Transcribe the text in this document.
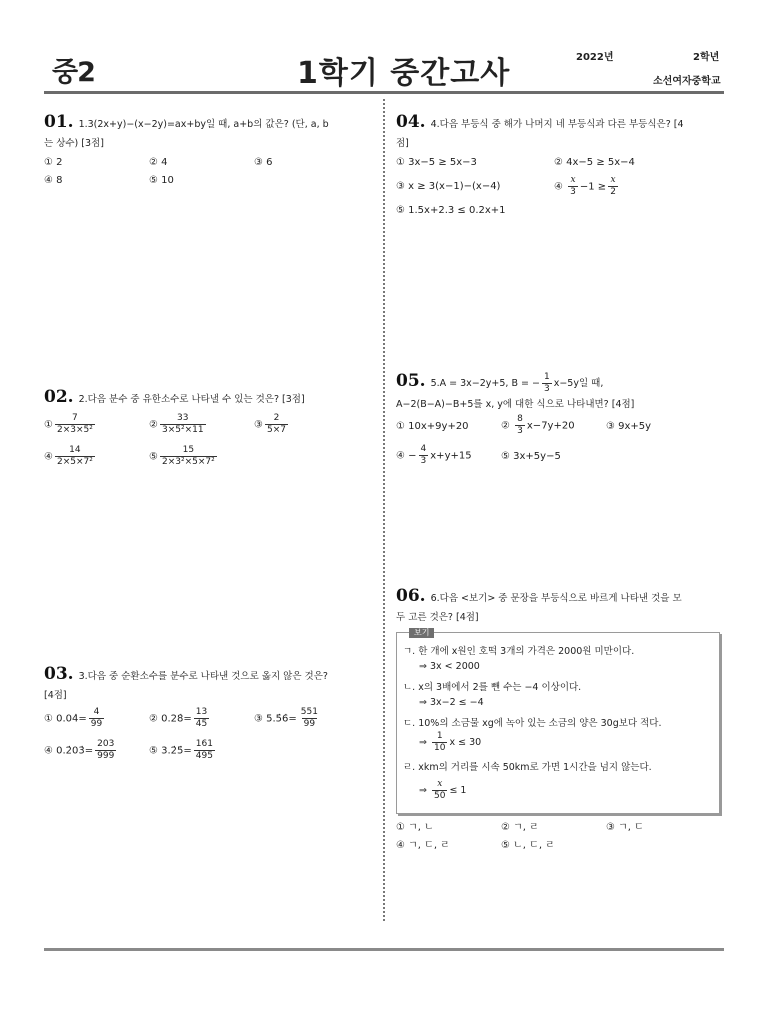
중2	1학기 중간고사	2022년	2학년
소선여자중학교
01. 1.3(2x+y)−(x−2y)=ax+by일 때, a+b의 값은? (단, a, b
는 상수) [3점]
① 2	② 4	③ 6
④ 8	⑤ 10
02. 2.다음 분수 중 유한소수로 나타낼 수 있는 것은? [3점]
① $\frac{7}{\text{2×3×5²}}$	② $\frac{33}{\text{3×5²×11}}$	③ $\frac{2}{5\times 7}$
④ $\frac{14}{\text{2×5×7²}}$	⑤ $\frac{15}{\text{2×3²×5×7²}}$
03. 3.다음 중 순환소수를 분수로 나타낸 것으로 옳지 않은 것은?
[4점]
① 0.04̇= $\frac{4}{99}$	② 0.28̇= $\frac{13}{45}$	③ 5.5̇6̇= $\frac{551}{99}$
④ 0.2̇03̇= $\frac{203}{999}$	⑤ 3.2̇5̇= $\frac{161}{495}$
04. 4.다음 부등식 중 해가 나머지 네 부등식과 다른 부등식은? [4
점]
① 3x−5 ≥ 5x−3	② 4x−5 ≥ 5x−4
③ x ≥ 3(x−1)−(x−4)	④ $\frac{x}{3} -1 \ge \frac{x}{2}$
⑤ 1.5x+2.3 ≤ 0.2x+1
05. 5.A = 3x−2y+5, B = − $\frac{1}{3} x-5y$일 때,
A−2(B−A)−B+5를 x, y에 대한 식으로 나타내면? [4점]
① 10x+9y+20	② $\frac{8}{3} x-7y+20$	③ 9x+5y
④ − $\frac{4}{3} x+y+15$	⑤ 3x+5y−5
06. 6.다음 <보기> 중 문장을 부등식으로 바르게 나타낸 것을 모
두 고른 것은? [4점]
보기
ㄱ. 한 개에 x원인 호떡 3개의 가격은 2000원 미만이다.
⇒ 3x < 2000
ㄴ. x의 3배에서 2를 뺀 수는 −4 이상이다.
⇒ 3x−2 ≤ −4
ㄷ. 10%의 소금물 xg에 녹아 있는 소금의 양은 30g보다 적다.
⇒ $\frac{1}{10}$ x ≤ 30
ㄹ. xkm의 거리를 시속 50km로 가면 1시간을 넘지 않는다.
⇒ $\frac{x}{50} \le 1$
① ㄱ, ㄴ	② ㄱ, ㄹ	③ ㄱ, ㄷ
④ ㄱ, ㄷ, ㄹ	⑤ ㄴ, ㄷ, ㄹ
